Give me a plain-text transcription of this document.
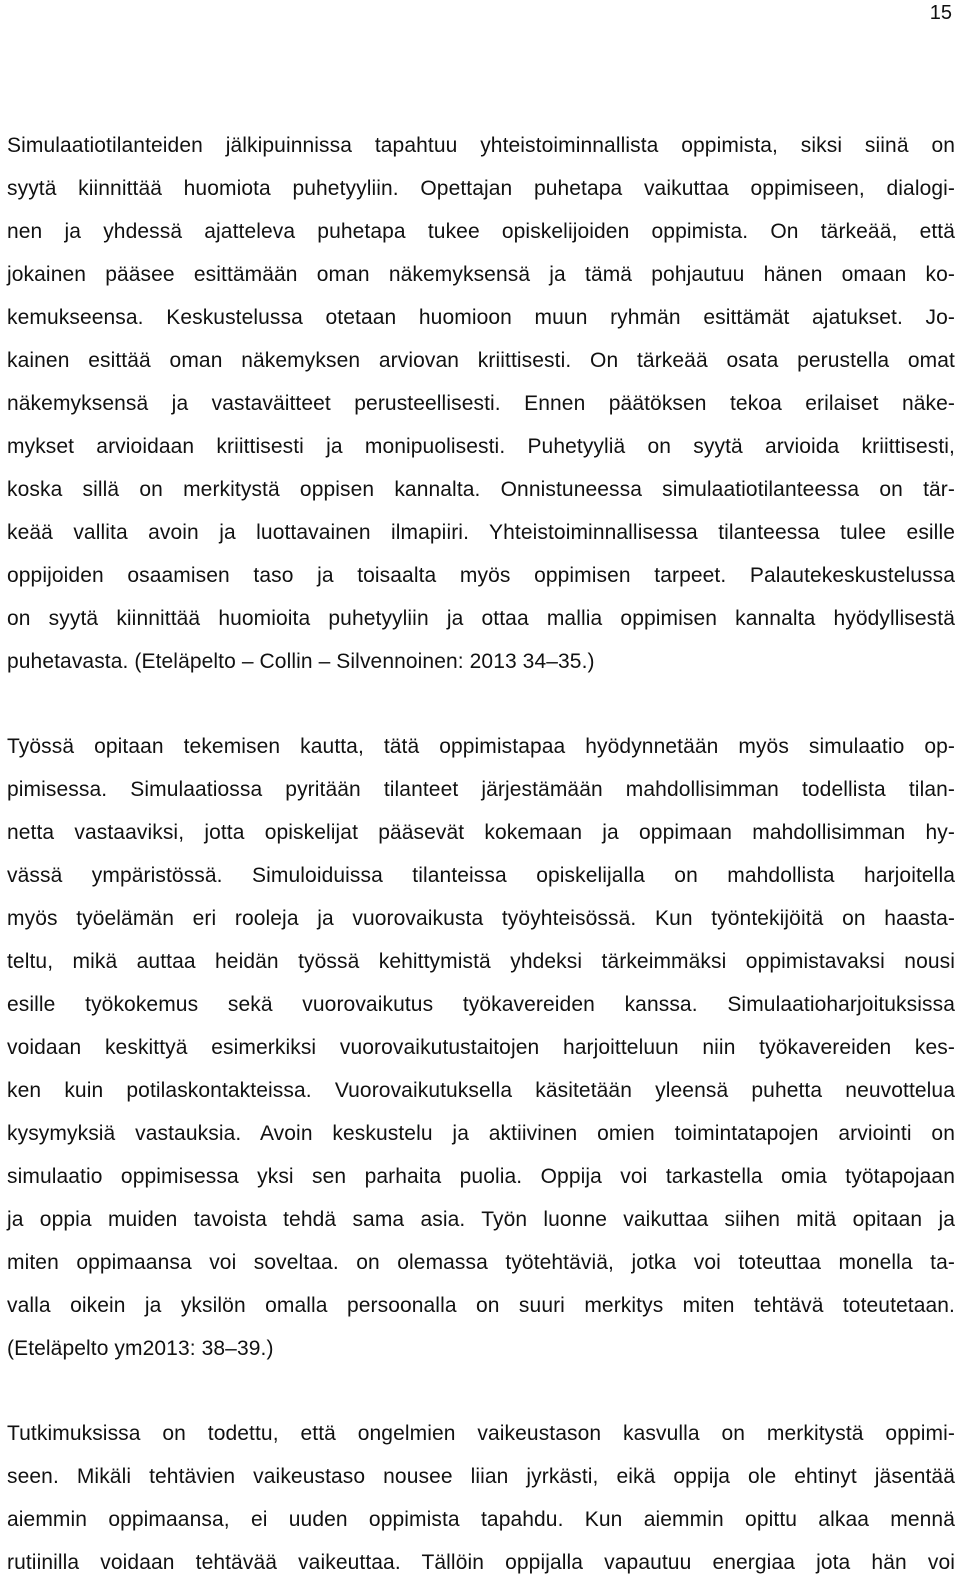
15
Simulaatiotilanteiden jälkipuinnissa tapahtuu yhteistoiminnallista oppimista, siksi siinä on
syytä kiinnittää huomiota puhetyyliin. Opettajan puhetapa vaikuttaa oppimiseen, dialogi-
nen ja yhdessä ajatteleva puhetapa tukee opiskelijoiden oppimista. On tärkeää, että
jokainen pääsee esittämään oman näkemyksensä ja tämä pohjautuu hänen omaan ko-
kemukseensa. Keskustelussa otetaan huomioon muun ryhmän esittämät ajatukset. Jo-
kainen esittää oman näkemyksen arviovan kriittisesti. On tärkeää osata perustella omat
näkemyksensä ja vastaväitteet perusteellisesti. Ennen päätöksen tekoa erilaiset näke-
mykset arvioidaan kriittisesti ja monipuolisesti. Puhetyyliä on syytä arvioida kriittisesti,
koska sillä on merkitystä oppisen kannalta. Onnistuneessa simulaatiotilanteessa on tär-
keää vallita avoin ja luottavainen ilmapiiri. Yhteistoiminnallisessa tilanteessa tulee esille
oppijoiden osaamisen taso ja toisaalta myös oppimisen tarpeet. Palautekeskustelussa
on syytä kiinnittää huomioita puhetyyliin ja ottaa mallia oppimisen kannalta hyödyllisestä
puhetavasta. (Eteläpelto – Collin – Silvennoinen: 2013 34–35.)
Työssä opitaan tekemisen kautta, tätä oppimistapaa hyödynnetään myös simulaatio op-
pimisessa. Simulaatiossa pyritään tilanteet järjestämään mahdollisimman todellista tilan-
netta vastaaviksi, jotta opiskelijat pääsevät kokemaan ja oppimaan mahdollisimman hy-
vässä ympäristössä. Simuloiduissa tilanteissa opiskelijalla on mahdollista harjoitella
myös työelämän eri rooleja ja vuorovaikusta työyhteisössä. Kun työntekijöitä on haasta-
teltu, mikä auttaa heidän työssä kehittymistä yhdeksi tärkeimmäksi oppimistavaksi nousi
esille työkokemus sekä vuorovaikutus työkavereiden kanssa. Simulaatioharjoituksissa
voidaan keskittyä esimerkiksi vuorovaikutustaitojen harjoitteluun niin työkavereiden kes-
ken kuin potilaskontakteissa. Vuorovaikutuksella käsitetään yleensä puhetta neuvottelua
kysymyksiä vastauksia. Avoin keskustelu ja aktiivinen omien toimintatapojen arviointi on
simulaatio oppimisessa yksi sen parhaita puolia. Oppija voi tarkastella omia työtapojaan
ja oppia muiden tavoista tehdä sama asia. Työn luonne vaikuttaa siihen mitä opitaan ja
miten oppimaansa voi soveltaa. on olemassa työtehtäviä, jotka voi toteuttaa monella ta-
valla oikein ja yksilön omalla persoonalla on suuri merkitys miten tehtävä toteutetaan.
(Eteläpelto ym2013: 38–39.)
Tutkimuksissa on todettu, että ongelmien vaikeustason kasvulla on merkitystä oppimi-
seen. Mikäli tehtävien vaikeustaso nousee liian jyrkästi, eikä oppija ole ehtinyt jäsentää
aiemmin oppimaansa, ei uuden oppimista tapahdu. Kun aiemmin opittu alkaa mennä
rutiinilla voidaan tehtävää vaikeuttaa. Tällöin oppijalla vapautuu energiaa jota hän voi
